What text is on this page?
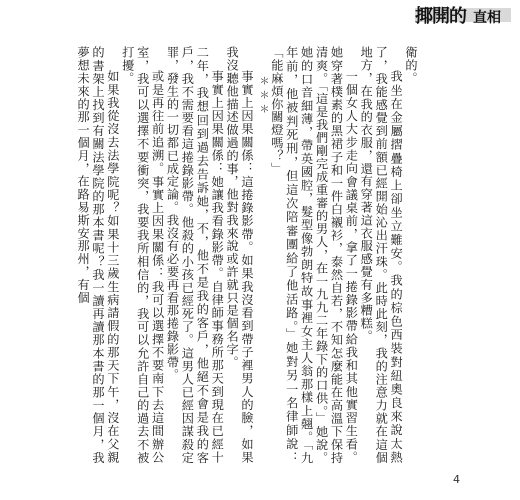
揶開的 直相

衛的。

我坐在金屬摺疊椅上卻坐立難安。我的棕色西裝對紐奧良來說太熱了，我能感覺到前額已經開始沁出汗珠。此時此刻，我的注意力就在這個地方，在我的衣服，還有穿著這衣服感覺有多糟糕。

一個女人大步走向會議桌前，拿了一捲錄影帶給我和其他實習生看。她穿著樸素的黑裙子和一件白襯衫，泰然自若，不知怎麼能在高溫下保持清爽。「這是我們剛完成重審的男人，在一九九二年錄下的口供。」她說。她的口音細薄，帶英國腔，髮型像勃朗特故事裡女主人翁那樣上翹。「九年前，他被判死刑，但這次陪審團給了他活路。」她對另一名律師說：「能麻煩你關燈嗎？」

＊＊＊

事實上因果關係：這捲錄影帶。如果我沒看到帶子裡男人的臉，如果我沒聽他描述做過的事，他對我來說或許就只是個名字。

事實上因果關係：她讓我看錄影帶。自律師事務所那天到現在已經十二年，我想回到過去告訴她，不，他不是我的客戶，他絕不會是我的客戶，我不需要看這捲錄影帶。他殺的小孩已經死了。這男人已經因謀殺定罪，發生的一切都已成定論。我沒有必要再看那捲錄影帶。

或是再往前追溯。事實上因果關係：我可以選擇不要南下去這間辦公室，我可以選擇不要衝突，我要我所相信的，我可以允許自己的過去不被打擾。

如果我從沒去法學院呢？如果十三歲生病請假的那天下午，沒在父親的書架上找到有關法學院的那本書呢？我一讀再讀那本書的那一個月，我夢想未來的那一個月，在路易斯安那州，有個

4
